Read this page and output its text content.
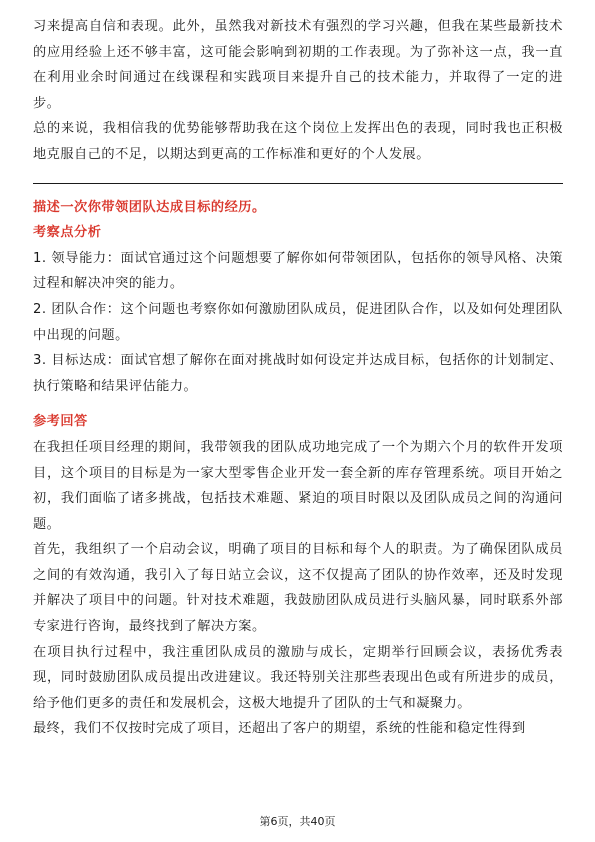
习来提高自信和表现。此外，虽然我对新技术有强烈的学习兴趣，但我在某些最新技术的应用经验上还不够丰富，这可能会影响到初期的工作表现。为了弥补这一点，我一直在利用业余时间通过在线课程和实践项目来提升自己的技术能力，并取得了一定的进步。

总的来说，我相信我的优势能够帮助我在这个岗位上发挥出色的表现，同时我也正积极地克服自己的不足，以期达到更高的工作标准和更好的个人发展。

描述一次你带领团队达成目标的经历。

考察点分析

1. 领导能力：面试官通过这个问题想要了解你如何带领团队，包括你的领导风格、决策过程和解决冲突的能力。

2. 团队合作：这个问题也考察你如何激励团队成员，促进团队合作，以及如何处理团队中出现的问题。

3. 目标达成：面试官想了解你在面对挑战时如何设定并达成目标，包括你的计划制定、执行策略和结果评估能力。

参考回答

在我担任项目经理的期间，我带领我的团队成功地完成了一个为期六个月的软件开发项目，这个项目的目标是为一家大型零售企业开发一套全新的库存管理系统。项目开始之初，我们面临了诸多挑战，包括技术难题、紧迫的项目时限以及团队成员之间的沟通问题。

首先，我组织了一个启动会议，明确了项目的目标和每个人的职责。为了确保团队成员之间的有效沟通，我引入了每日站立会议，这不仅提高了团队的协作效率，还及时发现并解决了项目中的问题。针对技术难题，我鼓励团队成员进行头脑风暴，同时联系外部专家进行咨询，最终找到了解决方案。

在项目执行过程中，我注重团队成员的激励与成长，定期举行回顾会议，表扬优秀表现，同时鼓励团队成员提出改进建议。我还特别关注那些表现出色或有所进步的成员，给予他们更多的责任和发展机会，这极大地提升了团队的士气和凝聚力。

最终，我们不仅按时完成了项目，还超出了客户的期望，系统的性能和稳定性得到

第6页，共40页
